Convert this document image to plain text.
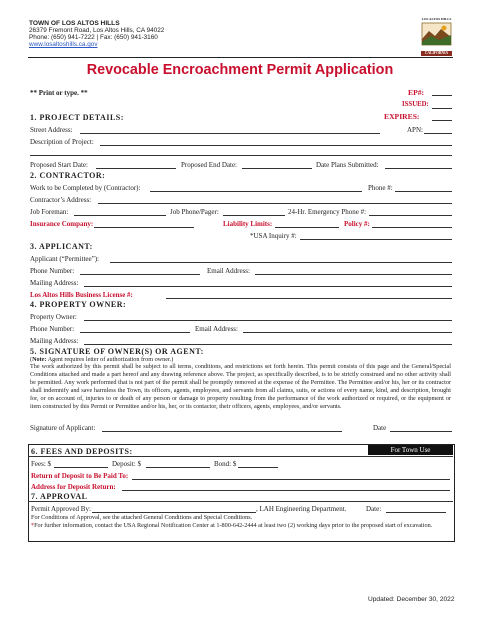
TOWN OF LOS ALTOS HILLS
26379 Fremont Road, Los Altos Hills, CA 94022
Phone: (650) 941-7222 | Fax: (650) 941-3160
www.losaltoshills.ca.gov
LOS ALTOS HILLS
CALIFORNIA
Revocable Encroachment Permit Application
** Print or type. **	EP#:
ISSUED:
1. PROJECT DETAILS:	EXPIRES:
Street Address:	APN:
Description of Project:
Proposed Start Date:	Proposed End Date:	Date Plans Submitted:
2. CONTRACTOR:
Work to be Completed by (Contractor):	Phone #:
Contractor’s Address:
Job Foreman:	Job Phone/Pager:	24-Hr. Emergency Phone #:
Insurance Company:	Liability Limits:	Policy #:
*USA Inquiry #:
3. APPLICANT:
Applicant (“Permittee”):
Phone Number:	Email Address:
Mailing Address:
Los Altos Hills Business License #:
4. PROPERTY OWNER:
Property Owner:
Phone Number:	Email Address:
Mailing Address:
5. SIGNATURE OF OWNER(S) OR AGENT:
(Note: Agent requires letter of authorization from owner.)
The work authorized by this permit shall be subject to all terms, conditions, and restrictions set forth herein. This permit consists of this page and the General/Special Conditions attached and made a part hereof and any drawing reference above. The project, as specifically described, is to be strictly construed and no other activity shall be permitted. Any work performed that is not part of the permit shall be promptly removed at the expense of the Permittee. The Permittee and/or his, her or its contractor shall indemnify and save harmless the Town, its officers, agents, employees, and servants from all claims, suits, or actions of every name, kind, and description, brought for, or on account of, injuries to or death of any person or damage to property resulting from the performance of the work authorized or required, or the equipment or item constructed by this Permit or Permittee and/or his, her, or its contactor, their officers, agents, employees, and/or servants.
Signature of Applicant:	Date
For Town Use
6. FEES AND DEPOSITS:
Fees: $	Deposit: $	Bond: $
Return of Deposit to Be Paid To:
Address for Deposit Return:
7. APPROVAL
Permit Approved By:	, LAH Engineering Department.	Date:
For Conditions of Approval, see the attached General Conditions and Special Conditions.
*For further information, contact the USA Regional Notification Center at 1-800-642-2444 at least two (2) working days prior to the proposed start of excavation.
Updated: December 30, 2022
